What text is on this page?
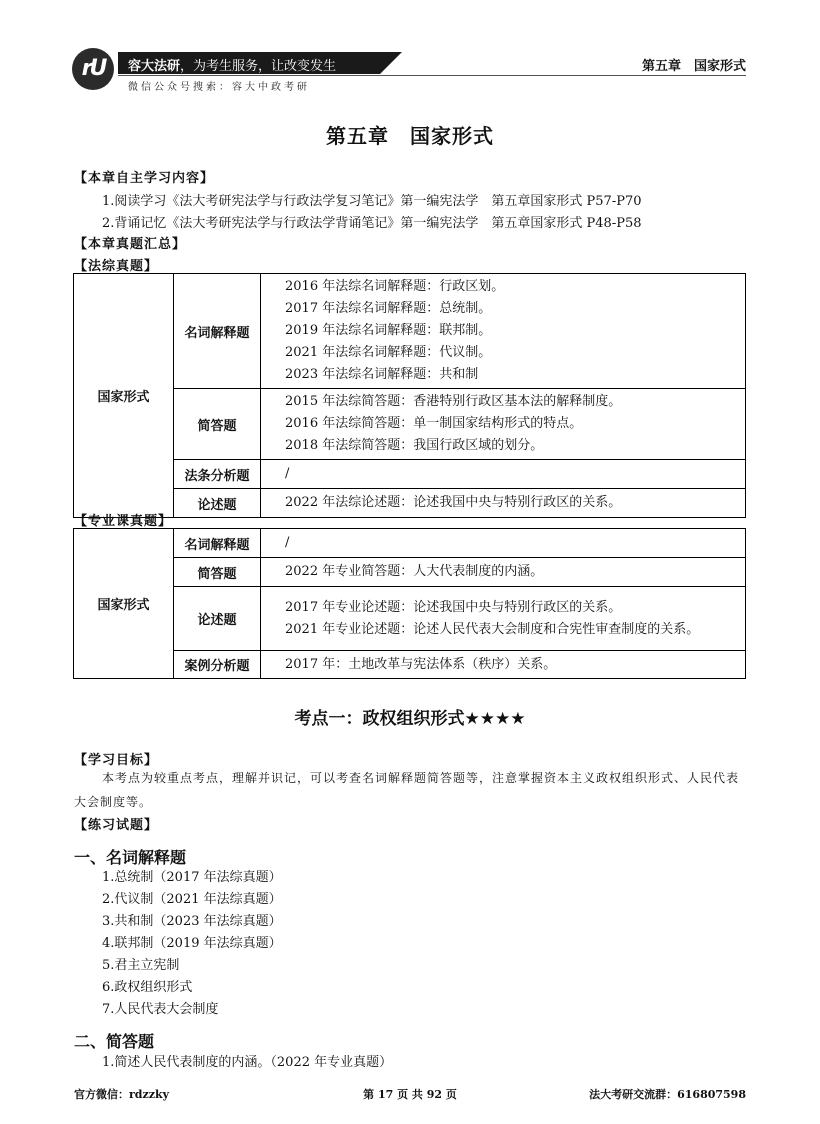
rU	容大法研，为考生服务，让改变发生
微信公众号搜索：容大中政考研
第五章　国家形式
第五章　国家形式
【本章自主学习内容】
1.阅读学习《法大考研宪法学与行政法学复习笔记》第一编宪法学　第五章国家形式 P57-P70
2.背诵记忆《法大考研宪法学与行政法学背诵笔记》第一编宪法学　第五章国家形式 P48-P58
【本章真题汇总】
【法综真题】
国家形式	名词解释题	2016 年法综名词解释题：行政区划。
2017 年法综名词解释题：总统制。
2019 年法综名词解释题：联邦制。
2021 年法综名词解释题：代议制。
2023 年法综名词解释题：共和制

	简答题	2015 年法综简答题：香港特别行政区基本法的解释制度。
2016 年法综简答题：单一制国家结构形式的特点。
2018 年法综简答题：我国行政区域的划分。

	法条分析题	/

	论述题	2022 年法综论述题：论述我国中央与特别行政区的关系。
【专业课真题】
国家形式	名词解释题	/

	简答题	2022 年专业简答题：人大代表制度的内涵。

	论述题	2017 年专业论述题：论述我国中央与特别行政区的关系。
2021 年专业论述题：论述人民代表大会制度和合宪性审查制度的关系。

	案例分析题	2017 年：土地改革与宪法体系（秩序）关系。
考点一：政权组织形式★★★★
【学习目标】
本考点为较重点考点，理解并识记，可以考查名词解释题简答题等，注意掌握资本主义政权组织形式、人民代表大会制度等。
【练习试题】
一、名词解释题
1.总统制（2017 年法综真题）
2.代议制（2021 年法综真题）
3.共和制（2023 年法综真题）
4.联邦制（2019 年法综真题）
5.君主立宪制
6.政权组织形式
7.人民代表大会制度
二、简答题
1.简述人民代表制度的内涵。（2022 年专业真题）
官方微信：rdzzky	第 17 页 共 92 页	法大考研交流群：616807598
